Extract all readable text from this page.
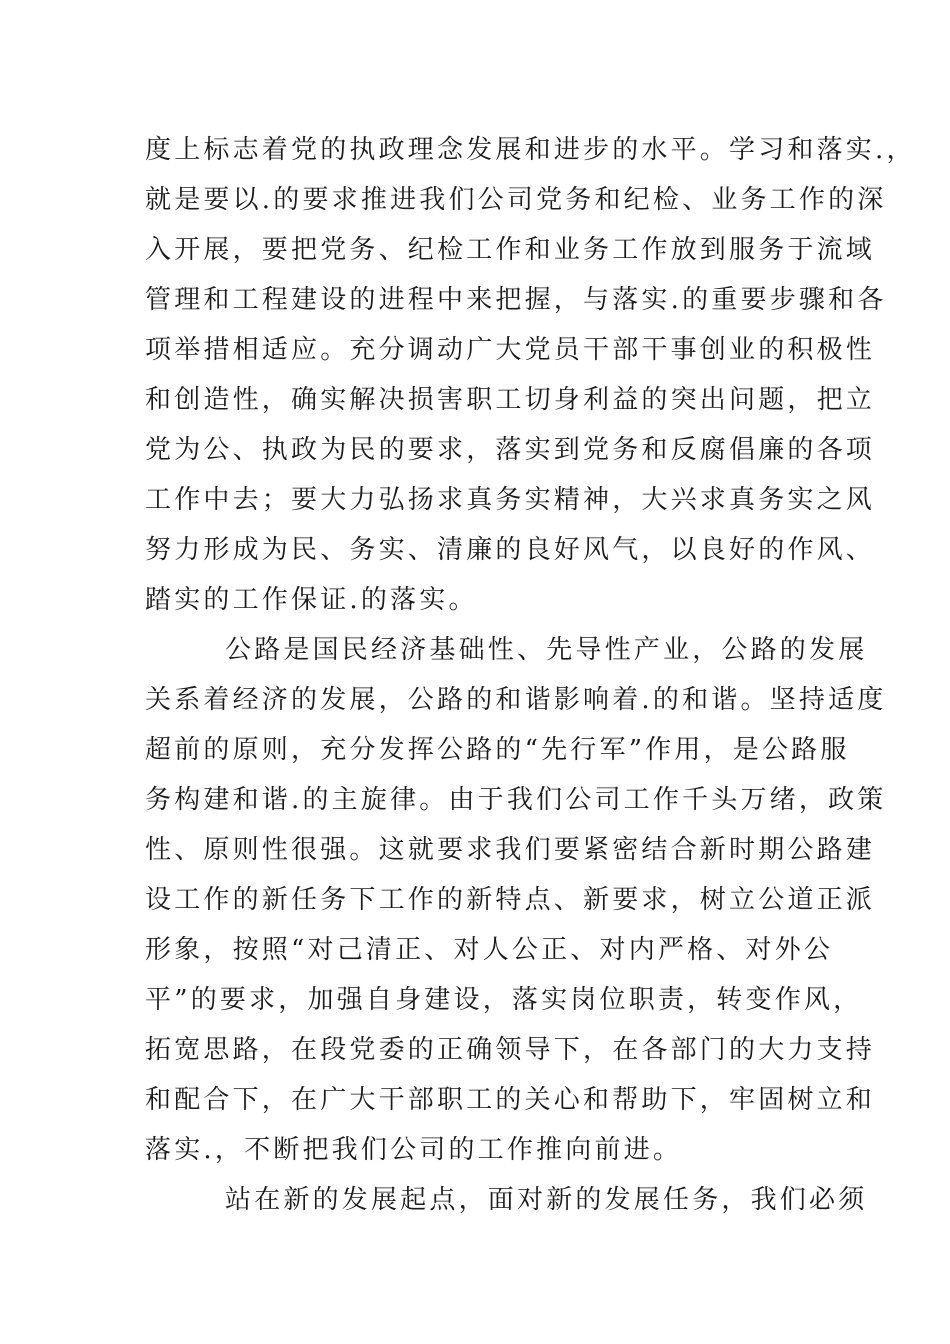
度上标志着党的执政理念发展和进步的水平。学习和落实.，
就是要以.的要求推进我们公司党务和纪检、业务工作的深
入开展，要把党务、纪检工作和业务工作放到服务于流域
管理和工程建设的进程中来把握，与落实.的重要步骤和各
项举措相适应。充分调动广大党员干部干事创业的积极性
和创造性，确实解决损害职工切身利益的突出问题，把立
党为公、执政为民的要求，落实到党务和反腐倡廉的各项
工作中去；要大力弘扬求真务实精神，大兴求真务实之风
努力形成为民、务实、清廉的良好风气，以良好的作风、
踏实的工作保证.的落实。
公路是国民经济基础性、先导性产业，公路的发展
关系着经济的发展，公路的和谐影响着.的和谐。坚持适度
超前的原则，充分发挥公路的“先行军”作用，是公路服
务构建和谐.的主旋律。由于我们公司工作千头万绪，政策
性、原则性很强。这就要求我们要紧密结合新时期公路建
设工作的新任务下工作的新特点、新要求，树立公道正派
形象，按照“对己清正、对人公正、对内严格、对外公
平”的要求，加强自身建设，落实岗位职责，转变作风，
拓宽思路，在段党委的正确领导下，在各部门的大力支持
和配合下，在广大干部职工的关心和帮助下，牢固树立和
落实.，不断把我们公司的工作推向前进。
站在新的发展起点，面对新的发展任务，我们必须
